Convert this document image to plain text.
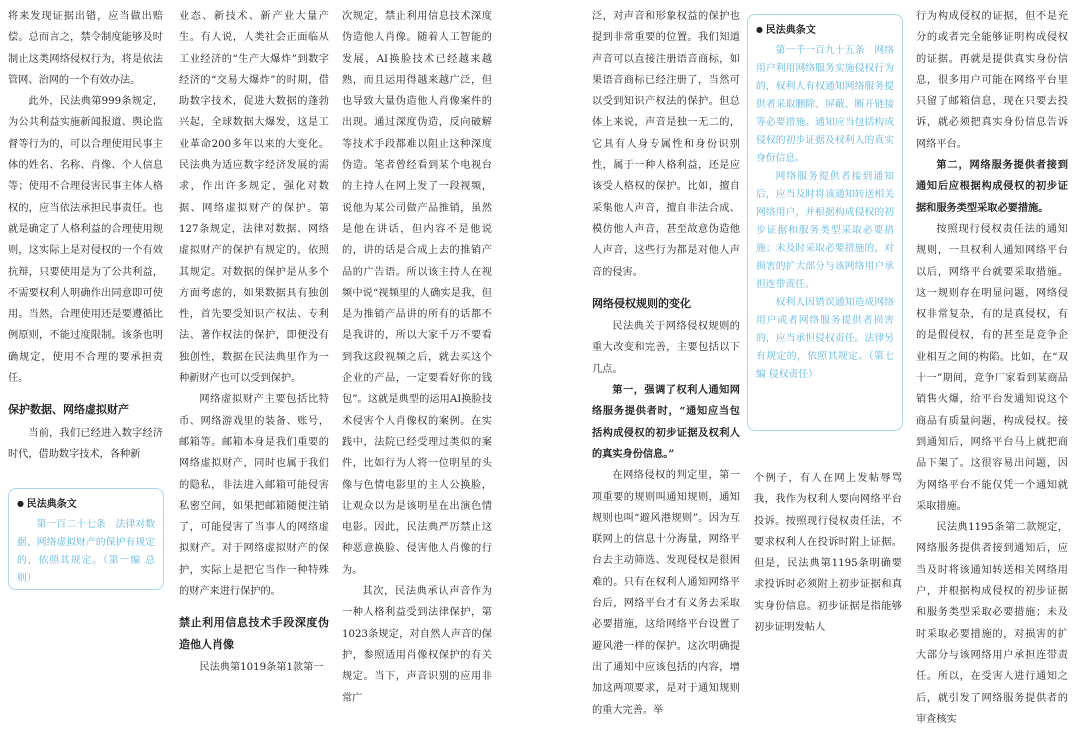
将来发现证据出错，应当做出赔偿。总而言之，禁令制度能够及时制止这类网络侵权行为，将是依法管网、治网的一个有效办法。

此外，民法典第999条规定，为公共利益实施新闻报道、舆论监督等行为的，可以合理使用民事主体的姓名、名称、肖像、个人信息等；使用不合理侵害民事主体人格权的，应当依法承担民事责任。也就是确定了人格利益的合理使用规则，这实际上是对侵权的一个有效抗辩，只要使用是为了公共利益，不需要权利人明确作出同意即可使用。当然，合理使用还是要遵循比例原则，不能过度限制。该条也明确规定，使用不合理的要承担责任。

保护数据、网络虚拟财产

当前，我们已经进入数字经济时代，借助数字技术，各种新

业态、新技术、新产业大量产生。有人说，人类社会正面临从工业经济的“生产大爆炸”到数字经济的“交易大爆炸”的时期，借助数字技术，促进大数据的蓬勃兴起，全球数据大爆发，这是工业革命200多年以来的大变化。民法典为适应数字经济发展的需求，作出许多规定，强化对数据、网络虚拟财产的保护。第127条规定，法律对数据、网络虚拟财产的保护有规定的，依照其规定。对数据的保护是从多个方面考虑的，如果数据具有独创性，首先要受知识产权法、专利法、著作权法的保护，即便没有独创性，数据在民法典里作为一种新财产也可以受到保护。

网络虚拟财产主要包括比特币、网络游戏里的装备、账号，邮箱等。邮箱本身是我们重要的网络虚拟财产，同时也属于我们的隐私，非法进入邮箱可能侵害私密空间，如果把邮箱随便注销了，可能侵害了当事人的网络虚拟财产。对于网络虚拟财产的保护，实际上是把它当作一种特殊的财产来进行保护的。

禁止利用信息技术手段深度伪造他人肖像

民法典第1019条第1款第一

次规定，禁止利用信息技术深度伪造他人肖像。随着人工智能的发展，AI换脸技术已经越来越熟，而且运用得越来越广泛，但也导致大量伪造他人肖像案件的出现。通过深度伪造，反向破解等技术手段都难以阻止这种深度伪造。笔者曾经看到某个电视台的主持人在网上发了一段视频，说他为某公司做产品推销，虽然是他在讲话，但内容不是他说的，讲的话是合成上去的推销产品的广告语。所以该主持人在视频中说“视频里的人确实是我，但是为推销产品讲的所有的话都不是我讲的，所以大家千万不要看到我这段视频之后，就去买这个企业的产品，一定要看好你的钱包”。这就是典型的运用AI换脸技术侵害个人肖像权的案例。在实践中，法院已经受理过类似的案件，比如行为人将一位明星的头像与色情电影里的主人公换脸，让观众以为是该明星在出演色情电影。因此，民法典严厉禁止这种恶意换脸、侵害他人肖像的行为。

其次，民法典承认声音作为一种人格利益受到法律保护，第1023条规定，对自然人声音的保护，参照适用肖像权保护的有关规定。当下，声音识别的应用非常广

泛，对声音和形象权益的保护也提到非常重要的位置。我们知道声音可以直接注册语音商标，如果语音商标已经注册了，当然可以受到知识产权法的保护。但总体上来说，声音是独一无二的，它具有人身专属性和身份识别性，属于一种人格利益，还是应该受人格权的保护。比如，擅自采集他人声音，擅自非法合成、模仿他人声音，甚至故意伪造他人声音，这些行为都是对他人声音的侵害。

网络侵权规则的变化

民法典关于网络侵权规则的重大改变和完善，主要包括以下几点。

第一，强调了权利人通知网络服务提供者时，“通知应当包括构成侵权的初步证据及权利人的真实身份信息。”

在网络侵权的判定里，第一项重要的规则叫通知规则，通知规则也叫“避风港规则”。因为互联网上的信息十分海量，网络平台去主动筛选、发现侵权是很困难的。只有在权利人通知网络平台后，网络平台才有义务去采取必要措施，这给网络平台设置了避风港一样的保护。这次明确提出了通知中应该包括的内容，增加这两项要求，是对于通知规则的重大完善。举

个例子，有人在网上发帖辱骂我，我作为权利人要向网络平台投诉。按照现行侵权责任法，不要求权利人在投诉时附上证据。但是，民法典第1195条明确要求投诉时必须附上初步证据和真实身份信息。初步证据是指能够初步证明发帖人

行为构成侵权的证据，但不是充分的或者完全能够证明构成侵权的证据。再就是提供真实身份信息，很多用户可能在网络平台里只留了邮箱信息，现在只要去投诉，就必须把真实身份信息告诉网络平台。

第二，网络服务提供者接到通知后应根据构成侵权的初步证据和服务类型采取必要措施。

按照现行侵权责任法的通知规则，一旦权利人通知网络平台以后，网络平台就要采取措施。这一规则存在明显问题，网络侵权非常复杂，有的是真侵权，有的是假侵权，有的甚至是竞争企业相互之间的构陷。比如，在“双十一”期间，竞争厂家看到某商品销售火爆，给平台发通知说这个商品有质量问题，构成侵权。接到通知后，网络平台马上就把商品下架了。这很容易出问题，因为网络平台不能仅凭一个通知就采取措施。

民法典1195条第二款规定，网络服务提供者接到通知后，应当及时将该通知转送相关网络用户，并根据构成侵权的初步证据和服务类型采取必要措施；未及时采取必要措施的，对损害的扩大部分与该网络用户承担连带责任。所以，在受害人进行通知之后，就引发了网络服务提供者的审查核实

● 民法典条文

第一百二十七条　法律对数据、网络虚拟财产的保护有规定的，依照其规定。（第一编 总则）

● 民法典条文

第一千一百九十五条　网络用户利用网络服务实施侵权行为的，权利人有权通知网络服务提供者采取删除、屏蔽、断开链接等必要措施。通知应当包括构成侵权的初步证据及权利人的真实身份信息。

网络服务提供者接到通知后，应当及时将该通知转送相关网络用户，并根据构成侵权的初步证据和服务类型采取必要措施；未及时采取必要措施的，对损害的扩大部分与该网络用户承担连带责任。

权利人因错误通知造成网络用户或者网络服务提供者损害的，应当承担侵权责任。法律另有规定的，依照其规定。（第七编 侵权责任）
